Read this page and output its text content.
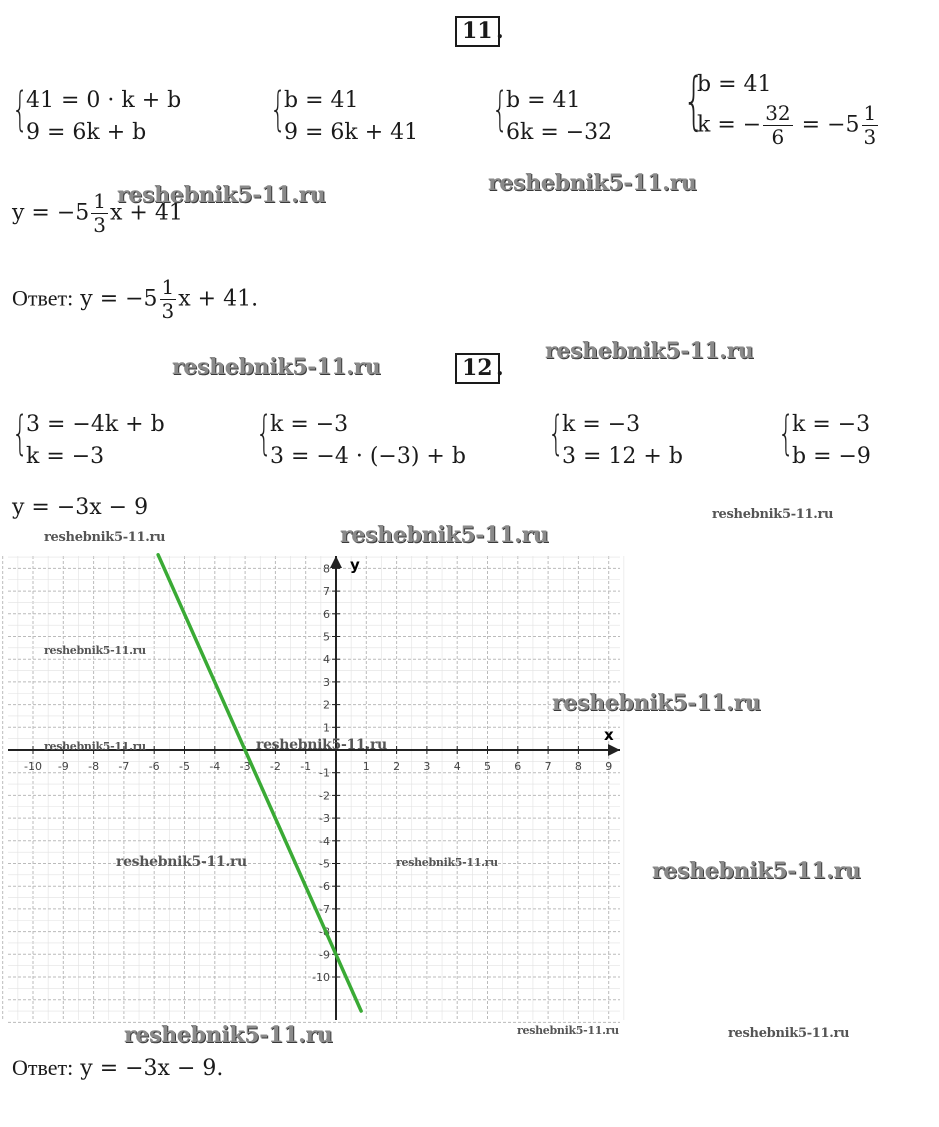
11 .
{
41 = 0 · k + b
9 = 6k + b	{
b = 41
9 = 6k + 41 {
b = 41
6k = −32 {
b = 41
k = − $\frac{32}{6} = -5 \frac{1}{3}$
$y = -5 \frac{1}{3}$ x + 41
Ответ: $y = -5 \frac{1}{3}$ x + 41.
12 .
{
3 = −4k + b
k = −3	{
k = −3
3 = −4 · (−3) + b {
k = −3
3 = 12 + b {
k = −3
b = −9
y = −3x − 9
x
y
-10 -9 -8 -7 -6 -5 -4 -3 -2 -1	1 2 3 4 5 6 7 8 9
8
7
6
5
4
3
2
1
-1
-2
-3
-4
-5
-6
-7
-8
-9
-10
Ответ: y = −3x − 9.
reshebnik5-11.ru	reshebnik5-11.ru
reshebnik5-11.ru
reshebnik5-11.ru
reshebnik5-11.ru
reshebnik5-11.ru	reshebnik5-11.ru
reshebnik5-11.ru
reshebnik5-11.ru
reshebnik5-11.ru	reshebnik5-11.ru
reshebnik5-11.ru	reshebnik5-11.ru	reshebnik5-11.ru
reshebnik5-11.ru	reshebnik5-11.ru	reshebnik5-11.ru
